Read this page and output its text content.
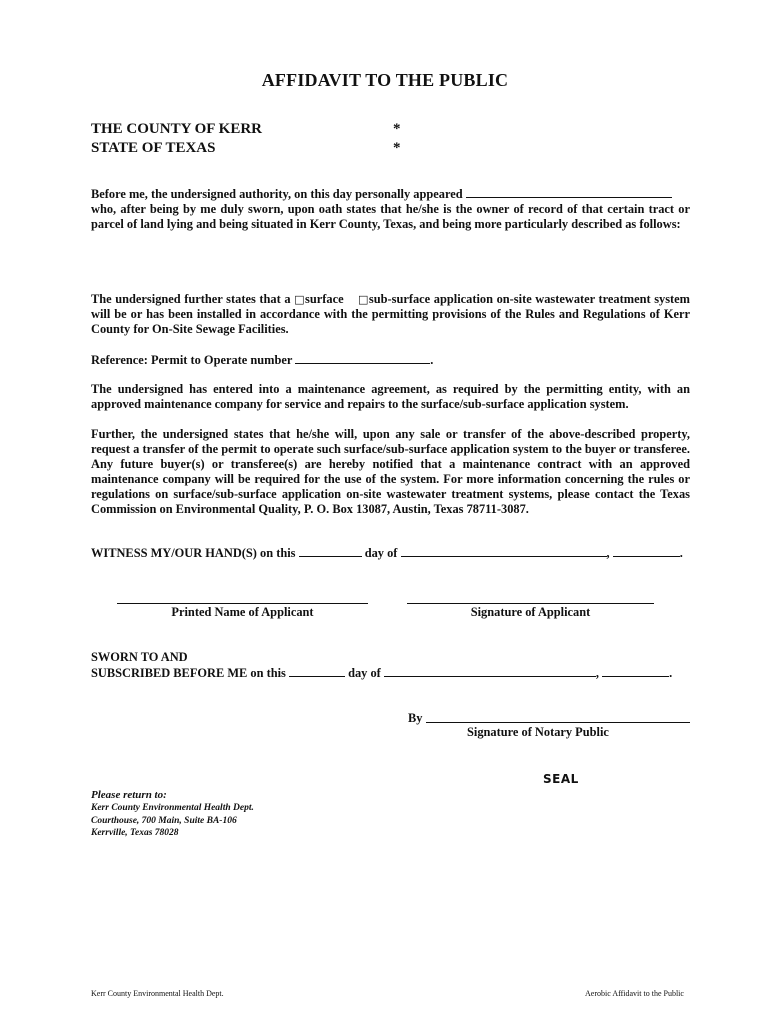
AFFIDAVIT TO THE PUBLIC
THE COUNTY OF KERR	*
STATE OF TEXAS	*
Before me, the undersigned authority, on this day personally appeared
who, after being by me duly sworn, upon oath states that he/she is the owner of record of that certain tract or parcel of land lying and being situated in Kerr County, Texas, and being more particularly described as follows:
The undersigned further states that a □surface □sub-surface application on-site wastewater treatment system will be or has been installed in accordance with the permitting provisions of the Rules and Regulations of Kerr County for On-Site Sewage Facilities.
Reference: Permit to Operate number	.
The undersigned has entered into a maintenance agreement, as required by the permitting entity, with an approved maintenance company for service and repairs to the surface/sub-surface application system.
Further, the undersigned states that he/she will, upon any sale or transfer of the above-described property, request a transfer of the permit to operate such surface/sub-surface application system to the buyer or transferee. Any future buyer(s) or transferee(s) are hereby notified that a maintenance contract with an approved maintenance company will be required for the use of the system. For more information concerning the rules or regulations on surface/sub-surface application on-site wastewater treatment systems, please contact the Texas Commission on Environmental Quality, P. O. Box 13087, Austin, Texas 78711-3087.
WITNESS MY/OUR HAND(S) on this	day of	,	.
Printed Name of Applicant	Signature of Applicant
SWORN TO AND
SUBSCRIBED BEFORE ME on this	day of	,	.
By
Signature of Notary Public
SEAL
Please return to:
Kerr County Environmental Health Dept.
Courthouse, 700 Main, Suite BA-106
Kerrville, Texas 78028
Kerr County Environmental Health Dept.	Aerobic Affidavit to the Public
